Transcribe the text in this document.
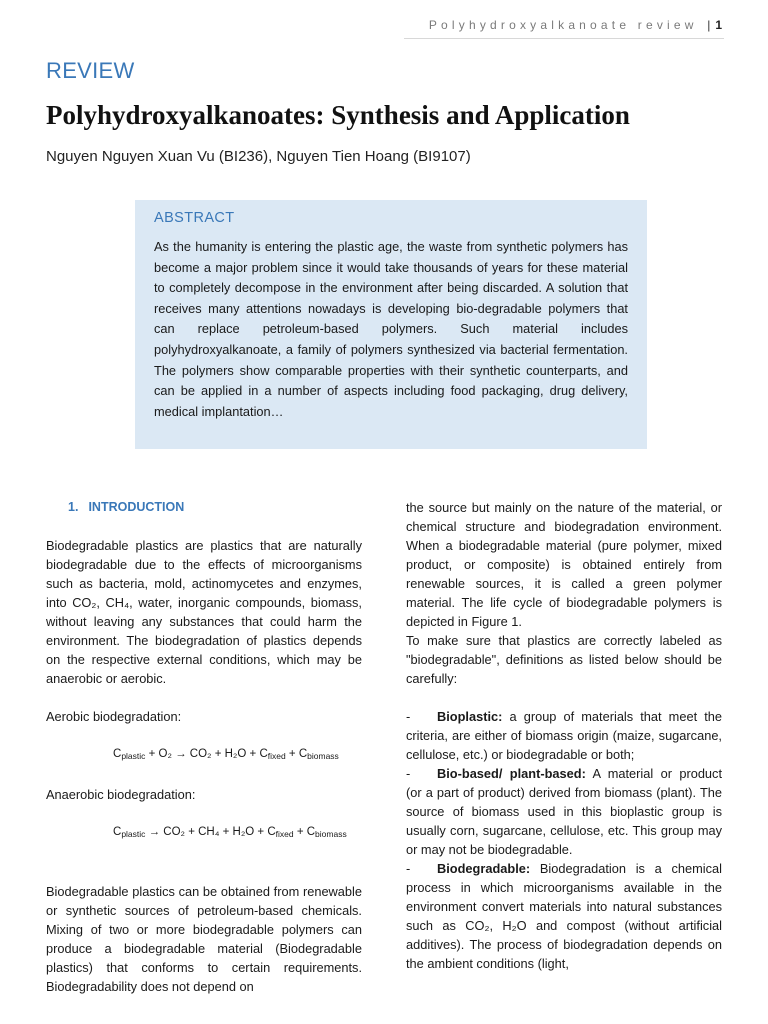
Polyhydroxyalkanoate review | 1
REVIEW
Polyhydroxyalkanoates: Synthesis and Application
Nguyen Nguyen Xuan Vu (BI236), Nguyen Tien Hoang (BI9107)
ABSTRACT
As the humanity is entering the plastic age, the waste from synthetic polymers has become a major problem since it would take thousands of years for these material to completely decompose in the environment after being discarded. A solution that receives many attentions nowadays is developing bio-degradable polymers that can replace petroleum-based polymers. Such material includes polyhydroxyalkanoate, a family of polymers synthesized via bacterial fermentation. The polymers show comparable properties with their synthetic counterparts, and can be applied in a number of aspects including food packaging, drug delivery, medical implantation…
1. INTRODUCTION

Biodegradable plastics are plastics that are naturally biodegradable due to the effects of microorganisms such as bacteria, mold, actinomycetes and enzymes, into CO₂, CH₄, water, inorganic compounds, biomass, without leaving any substances that could harm the environment. The biodegradation of plastics depends on the respective external conditions, which may be anaerobic or aerobic.

Aerobic biodegradation:

$C_{plastic} + O_2 \to CO_2 + H_2O + C_{fixed} + C_{biomass}$

Anaerobic biodegradation:

$C_{plastic} \to CO_2 + CH_4 + H_2O + C_{fixed} + C_{biomass}$

Biodegradable plastics can be obtained from renewable or synthetic sources of petroleum-based chemicals. Mixing of two or more biodegradable polymers can produce a biodegradable material (Biodegradable plastics) that conforms to certain requirements. Biodegradability does not depend on

the source but mainly on the nature of the material, or chemical structure and biodegradation environment. When a biodegradable material (pure polymer, mixed product, or composite) is obtained entirely from renewable sources, it is called a green polymer material. The life cycle of biodegradable polymers is depicted in Figure 1.

To make sure that plastics are correctly labeled as "biodegradable", definitions as listed below should be carefully:

- Bioplastic: a group of materials that meet the criteria, are either of biomass origin (maize, sugarcane, cellulose, etc.) or biodegradable or both;

- Bio-based/ plant-based: A material or product (or a part of product) derived from biomass (plant). The source of biomass used in this bioplastic group is usually corn, sugarcane, cellulose, etc. This group may or may not be biodegradable.

- Biodegradable: Biodegradation is a chemical process in which microorganisms available in the environment convert materials into natural substances such as CO₂, H₂O and compost (without artificial additives). The process of biodegradation depends on the ambient conditions (light,
